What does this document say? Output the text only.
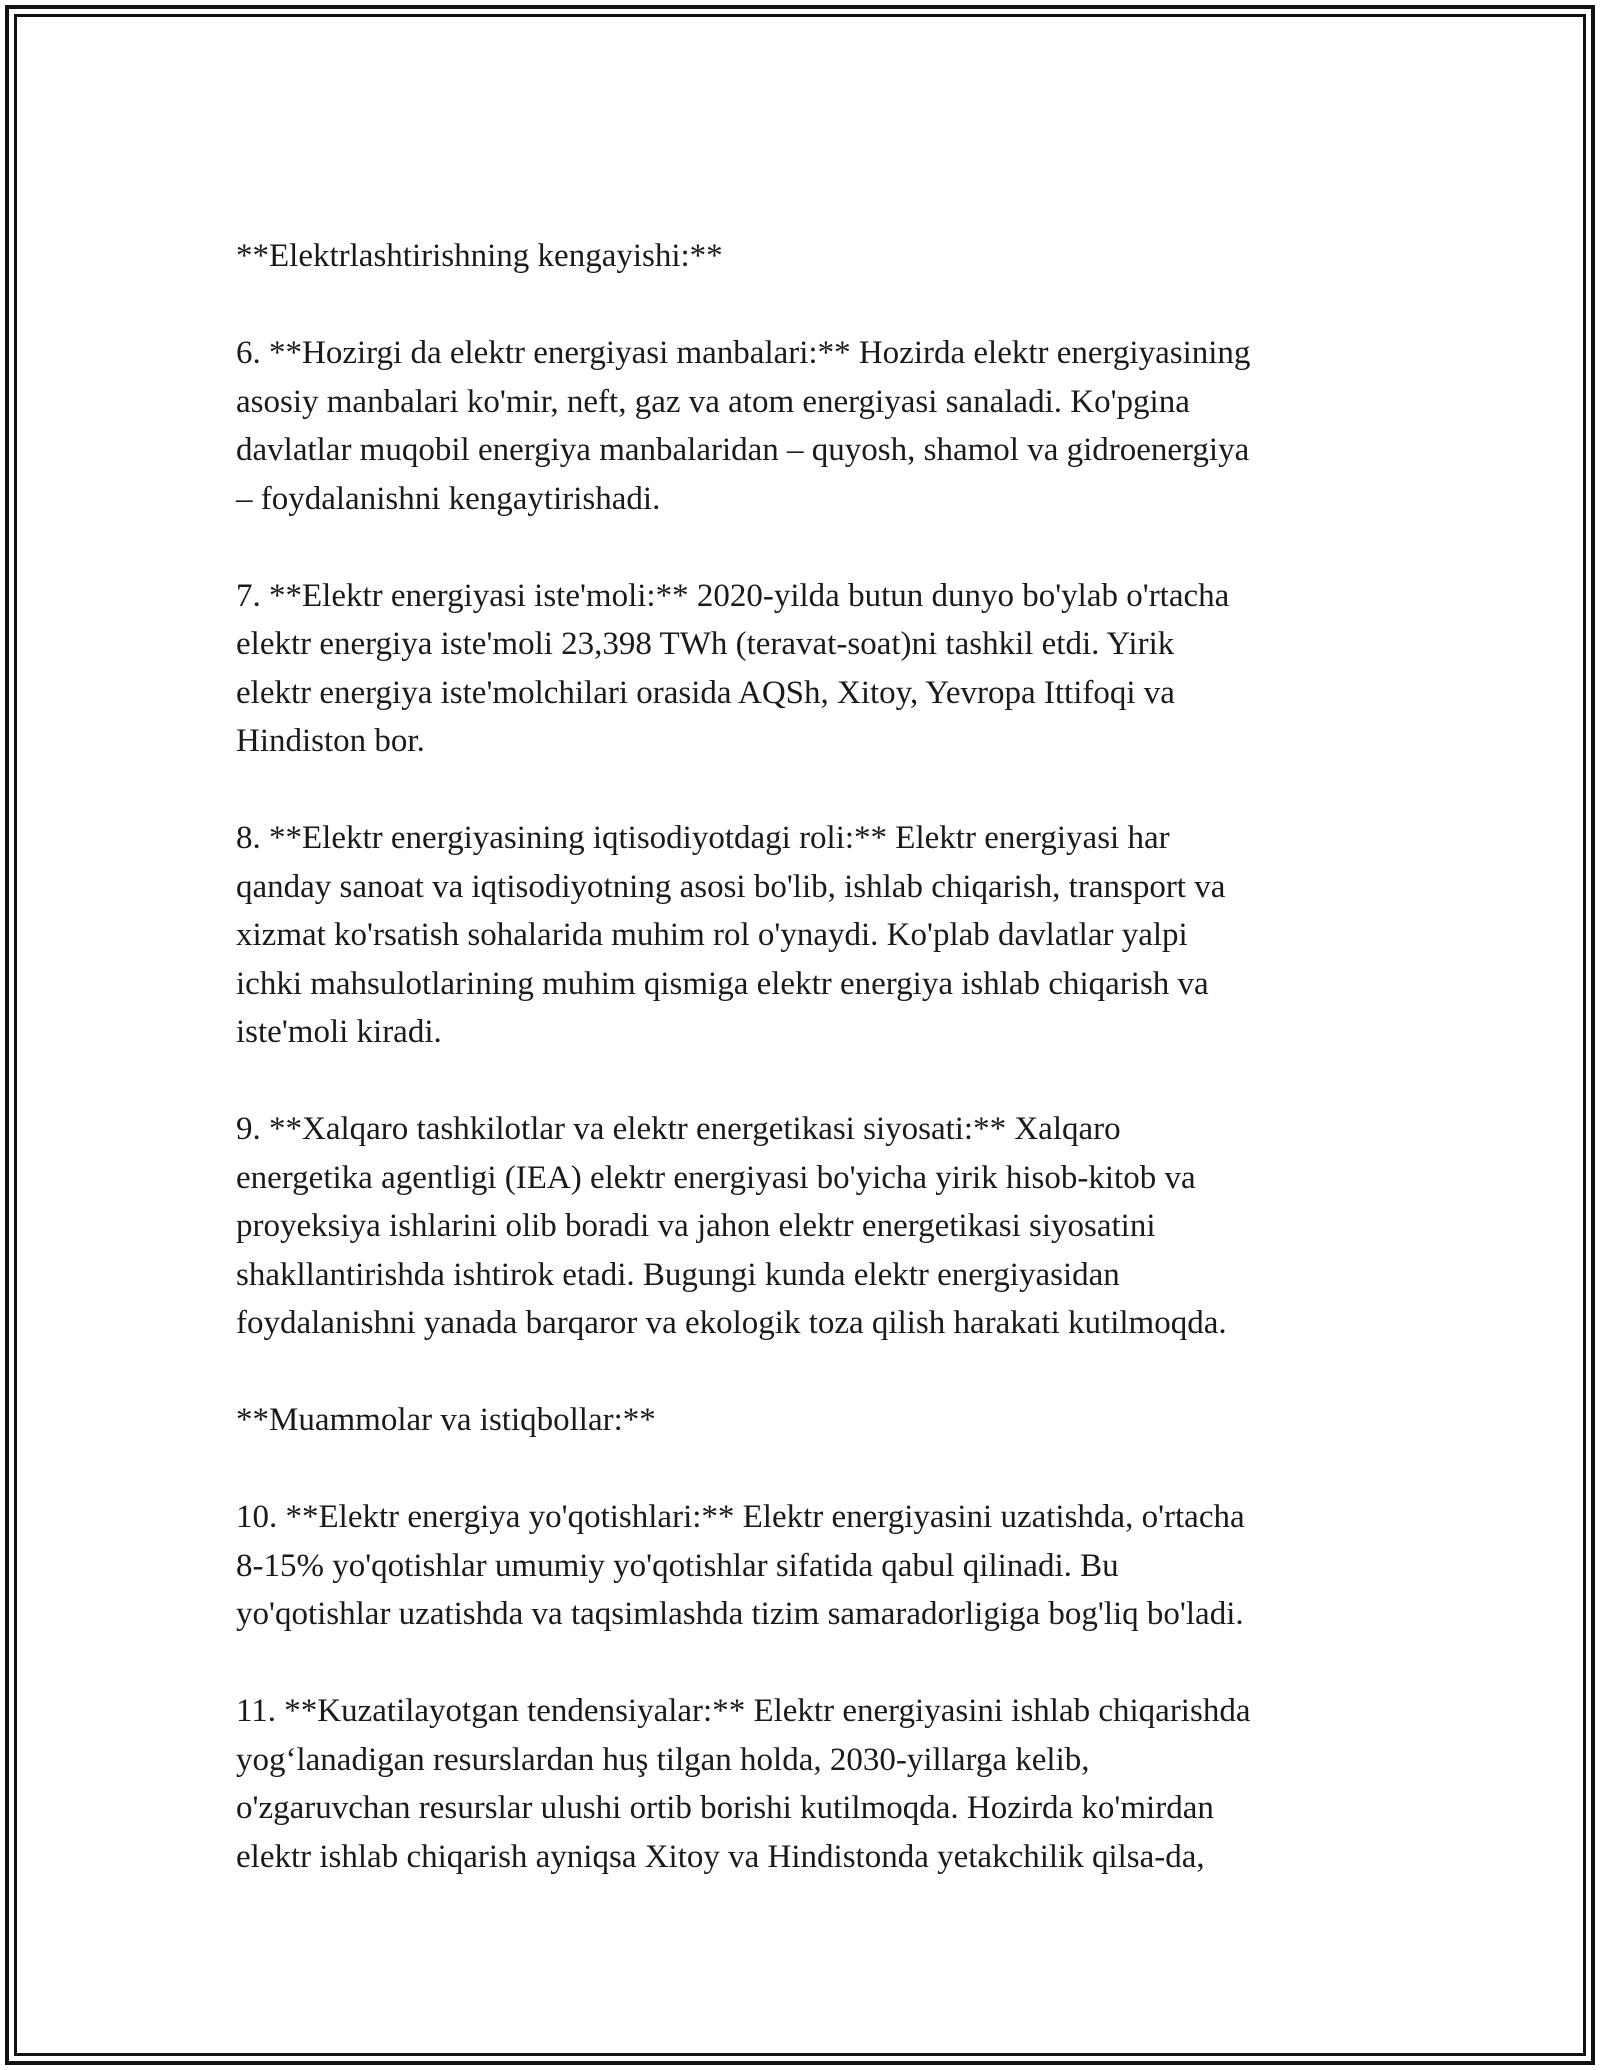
**Elektrlashtirishning kengayishi:**
6. **Hozirgi da elektr energiyasi manbalari:** Hozirda elektr energiyasining
asosiy manbalari ko'mir, neft, gaz va atom energiyasi sanaladi. Ko'pgina
davlatlar muqobil energiya manbalaridan – quyosh, shamol va gidroenergiya
– foydalanishni kengaytirishadi.
7. **Elektr energiyasi iste'moli:** 2020-yilda butun dunyo bo'ylab o'rtacha
elektr energiya iste'moli 23,398 TWh (teravat-soat)ni tashkil etdi. Yirik
elektr energiya iste'molchilari orasida AQSh, Xitoy, Yevropa Ittifoqi va
Hindiston bor.
8. **Elektr energiyasining iqtisodiyotdagi roli:** Elektr energiyasi har
qanday sanoat va iqtisodiyotning asosi bo'lib, ishlab chiqarish, transport va
xizmat ko'rsatish sohalarida muhim rol o'ynaydi. Ko'plab davlatlar yalpi
ichki mahsulotlarining muhim qismiga elektr energiya ishlab chiqarish va
iste'moli kiradi.
9. **Xalqaro tashkilotlar va elektr energetikasi siyosati:** Xalqaro
energetika agentligi (IEA) elektr energiyasi bo'yicha yirik hisob-kitob va
proyeksiya ishlarini olib boradi va jahon elektr energetikasi siyosatini
shakllantirishda ishtirok etadi. Bugungi kunda elektr energiyasidan
foydalanishni yanada barqaror va ekologik toza qilish harakati kutilmoqda.
**Muammolar va istiqbollar:**
10. **Elektr energiya yo'qotishlari:** Elektr energiyasini uzatishda, o'rtacha
8-15% yo'qotishlar umumiy yo'qotishlar sifatida qabul qilinadi. Bu
yo'qotishlar uzatishda va taqsimlashda tizim samaradorligiga bog'liq bo'ladi.
11. **Kuzatilayotgan tendensiyalar:** Elektr energiyasini ishlab chiqarishda
yog‘lanadigan resurslardan huş tilgan holda, 2030-yillarga kelib,
o'zgaruvchan resurslar ulushi ortib borishi kutilmoqda. Hozirda ko'mirdan
elektr ishlab chiqarish ayniqsa Xitoy va Hindistonda yetakchilik qilsa-da,
